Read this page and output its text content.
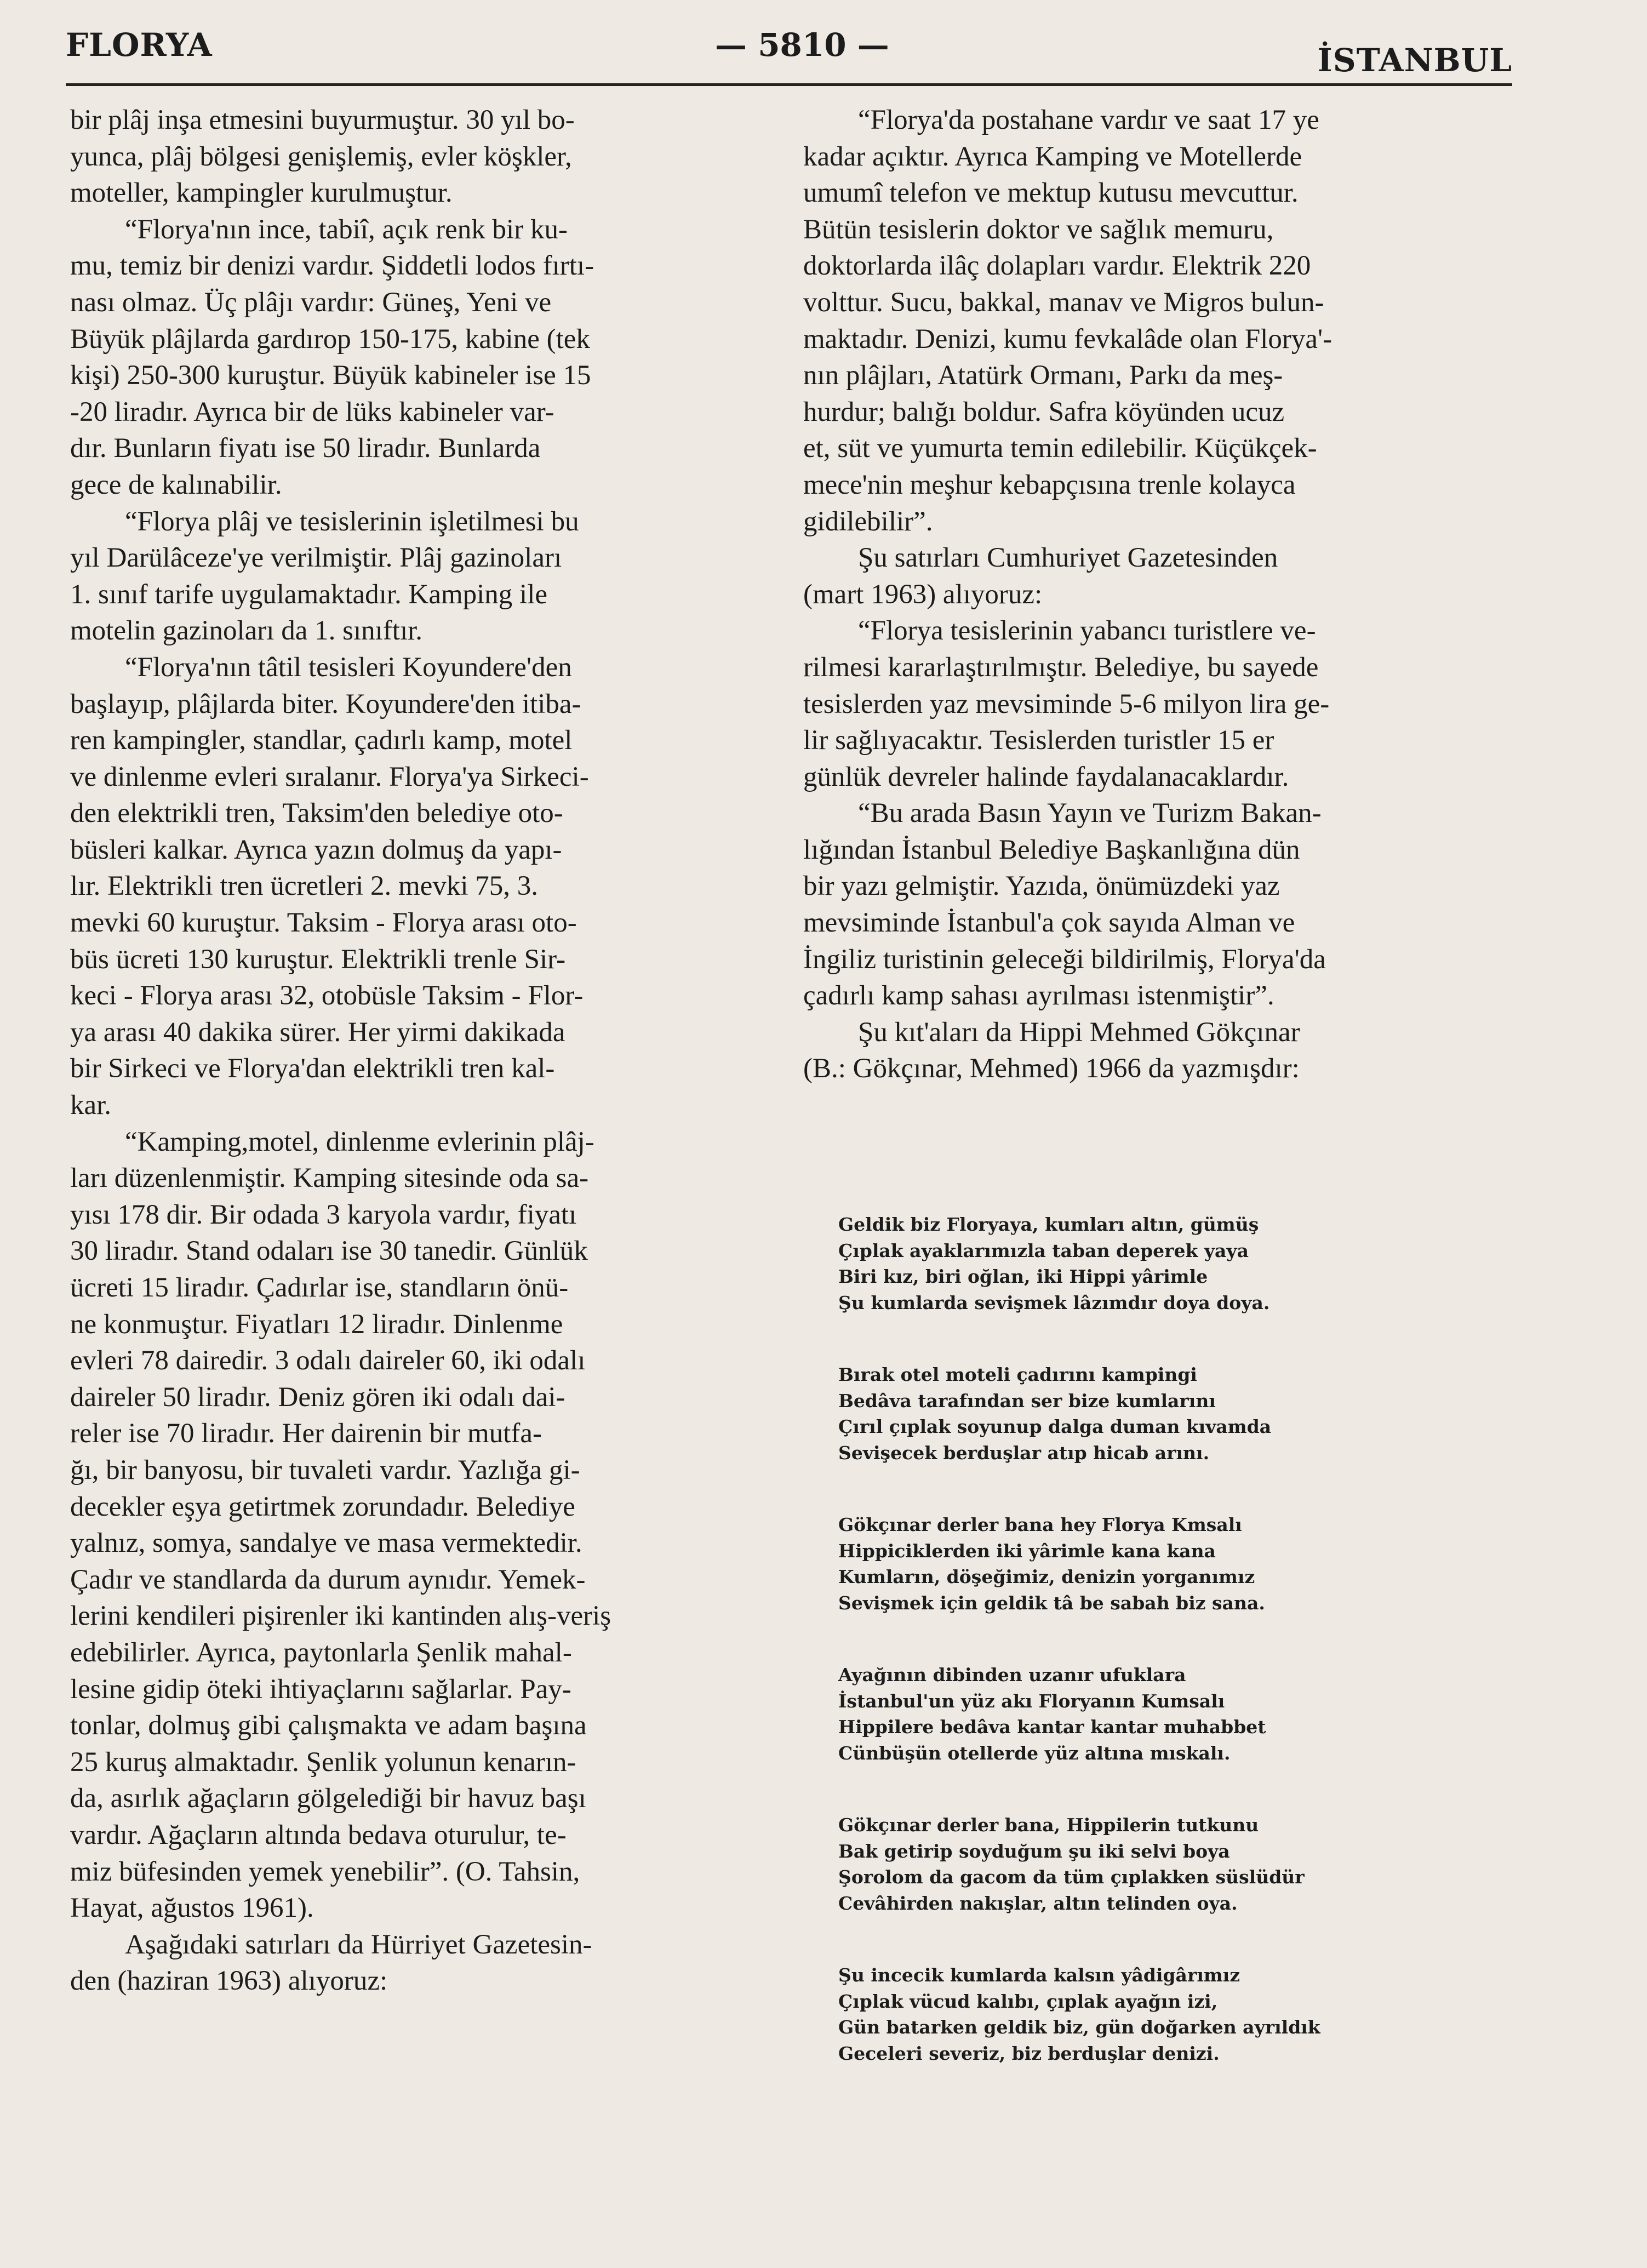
FLORYA	— 5810 —	İSTANBUL

bir plâj inşa etmesini buyurmuştur. 30 yıl bo-
yunca, plâj bölgesi genişlemiş, evler köşkler,
moteller, kampingler kurulmuştur.

“Florya'nın ince, tabiî, açık renk bir ku-
mu, temiz bir denizi vardır. Şiddetli lodos fırtı-
nası olmaz. Üç plâjı vardır: Güneş, Yeni ve
Büyük plâjlarda gardırop 150-175, kabine (tek
kişi) 250-300 kuruştur. Büyük kabineler ise 15
-20 liradır. Ayrıca bir de lüks kabineler var-
dır. Bunların fiyatı ise 50 liradır. Bunlarda
gece de kalınabilir.

“Florya plâj ve tesislerinin işletilmesi bu
yıl Darülâceze'ye verilmiştir. Plâj gazinoları
1. sınıf tarife uygulamaktadır. Kamping ile
motelin gazinoları da 1. sınıftır.

“Florya'nın tâtil tesisleri Koyundere'den
başlayıp, plâjlarda biter. Koyundere'den itiba-
ren kampingler, standlar, çadırlı kamp, motel
ve dinlenme evleri sıralanır. Florya'ya Sirkeci-
den elektrikli tren, Taksim'den belediye oto-
büsleri kalkar. Ayrıca yazın dolmuş da yapı-
lır. Elektrikli tren ücretleri 2. mevki 75, 3.
mevki 60 kuruştur. Taksim - Florya arası oto-
büs ücreti 130 kuruştur. Elektrikli trenle Sir-
keci - Florya arası 32, otobüsle Taksim - Flor-
ya arası 40 dakika sürer. Her yirmi dakikada
bir Sirkeci ve Florya'dan elektrikli tren kal-
kar.

“Kamping,motel, dinlenme evlerinin plâj-
ları düzenlenmiştir. Kamping sitesinde oda sa-
yısı 178 dir. Bir odada 3 karyola vardır, fiyatı
30 liradır. Stand odaları ise 30 tanedir. Günlük
ücreti 15 liradır. Çadırlar ise, standların önü-
ne konmuştur. Fiyatları 12 liradır. Dinlenme
evleri 78 dairedir. 3 odalı daireler 60, iki odalı
daireler 50 liradır. Deniz gören iki odalı dai-
reler ise 70 liradır. Her dairenin bir mutfa-
ğı, bir banyosu, bir tuvaleti vardır. Yazlığa gi-
decekler eşya getirtmek zorundadır. Belediye
yalnız, somya, sandalye ve masa vermektedir.
Çadır ve standlarda da durum aynıdır. Yemek-
lerini kendileri pişirenler iki kantinden alış-veriş
edebilirler. Ayrıca, paytonlarla Şenlik mahal-
lesine gidip öteki ihtiyaçlarını sağlarlar. Pay-
tonlar, dolmuş gibi çalışmakta ve adam başına
25 kuruş almaktadır. Şenlik yolunun kenarın-
da, asırlık ağaçların gölgelediği bir havuz başı
vardır. Ağaçların altında bedava oturulur, te-
miz büfesinden yemek yenebilir”. (O. Tahsin,
Hayat, ağustos 1961).

Aşağıdaki satırları da Hürriyet Gazetesin-
den (haziran 1963) alıyoruz:

“Florya'da postahane vardır ve saat 17 ye
kadar açıktır. Ayrıca Kamping ve Motellerde
umumî telefon ve mektup kutusu mevcuttur.
Bütün tesislerin doktor ve sağlık memuru,
doktorlarda ilâç dolapları vardır. Elektrik 220
volttur. Sucu, bakkal, manav ve Migros bulun-
maktadır. Denizi, kumu fevkalâde olan Florya'-
nın plâjları, Atatürk Ormanı, Parkı da meş-
hurdur; balığı boldur. Safra köyünden ucuz
et, süt ve yumurta temin edilebilir. Küçükçek-
mece'nin meşhur kebapçısına trenle kolayca
gidilebilir”.

Şu satırları Cumhuriyet Gazetesinden
(mart 1963) alıyoruz:

“Florya tesislerinin yabancı turistlere ve-
rilmesi kararlaştırılmıştır. Belediye, bu sayede
tesislerden yaz mevsiminde 5-6 milyon lira ge-
lir sağlıyacaktır. Tesislerden turistler 15 er
günlük devreler halinde faydalanacaklardır.

“Bu arada Basın Yayın ve Turizm Bakan-
lığından İstanbul Belediye Başkanlığına dün
bir yazı gelmiştir. Yazıda, önümüzdeki yaz
mevsiminde İstanbul'a çok sayıda Alman ve
İngiliz turistinin geleceği bildirilmiş, Florya'da
çadırlı kamp sahası ayrılması istenmiştir”.

Şu kıt'aları da Hippi Mehmed Gökçınar
(B.: Gökçınar, Mehmed) 1966 da yazmışdır:

Geldik biz Floryaya, kumları altın, gümüş
Çıplak ayaklarımızla taban deperek yaya
Biri kız, biri oğlan, iki Hippi yârimle
Şu kumlarda sevişmek lâzımdır doya doya.

Bırak otel moteli çadırını kampingi
Bedâva tarafından ser bize kumlarını
Çırıl çıplak soyunup dalga duman kıvamda
Sevişecek berduşlar atıp hicab arını.

Gökçınar derler bana hey Florya Kmsalı
Hippiciklerden iki yârimle kana kana
Kumların, döşeğimiz, denizin yorganımız
Sevişmek için geldik tâ be sabah biz sana.

Ayağının dibinden uzanır ufuklara
İstanbul'un yüz akı Floryanın Kumsalı
Hippilere bedâva kantar kantar muhabbet
Cünbüşün otellerde yüz altına mıskalı.

Gökçınar derler bana, Hippilerin tutkunu
Bak getirip soyduğum şu iki selvi boya
Şorolom da gacom da tüm çıplakken süslüdür
Cevâhirden nakışlar, altın telinden oya.

Şu incecik kumlarda kalsın yâdigârımız
Çıplak vücud kalıbı, çıplak ayağın izi,
Gün batarken geldik biz, gün doğarken ayrıldık
Geceleri severiz, biz berduşlar denizi.
